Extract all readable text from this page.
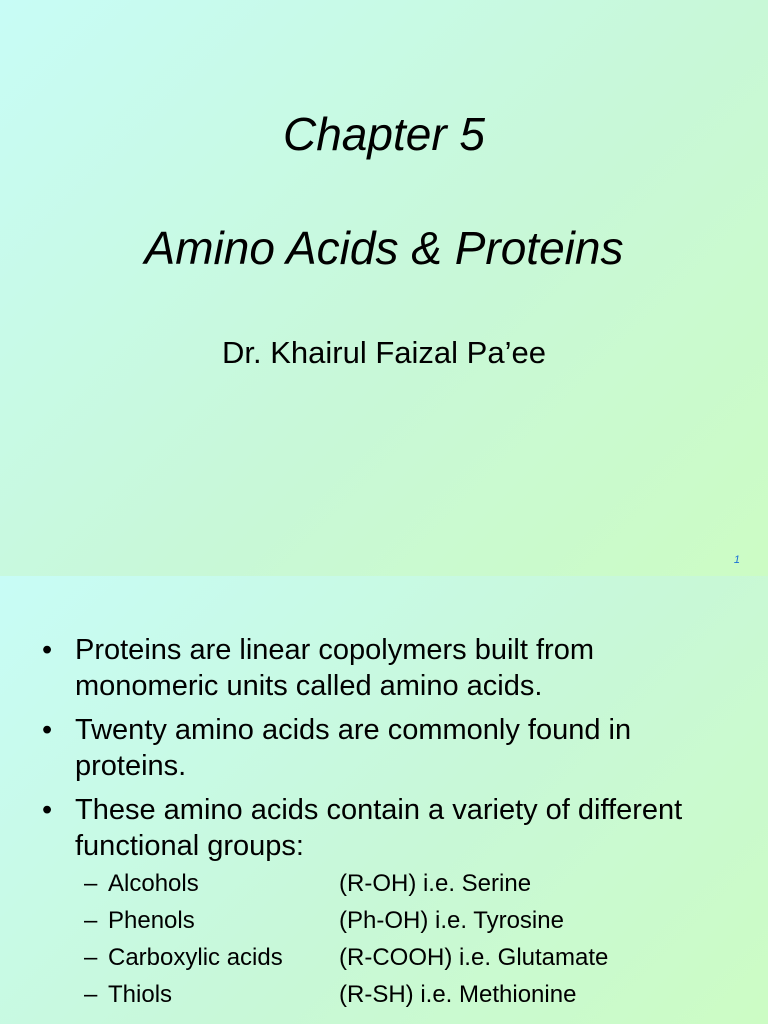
Chapter 5
Amino Acids & Proteins
Dr. Khairul Faizal Pa’ee
1
• Proteins are linear copolymers built from monomeric units called amino acids.
• Twenty amino acids are commonly found in proteins.
• These amino acids contain a variety of different functional groups:
– Alcohols	(R-OH) i.e. Serine
– Phenols	(Ph-OH) i.e. Tyrosine
– Carboxylic acids (R-COOH) i.e. Glutamate
– Thiols	(R-SH) i.e. Methionine
